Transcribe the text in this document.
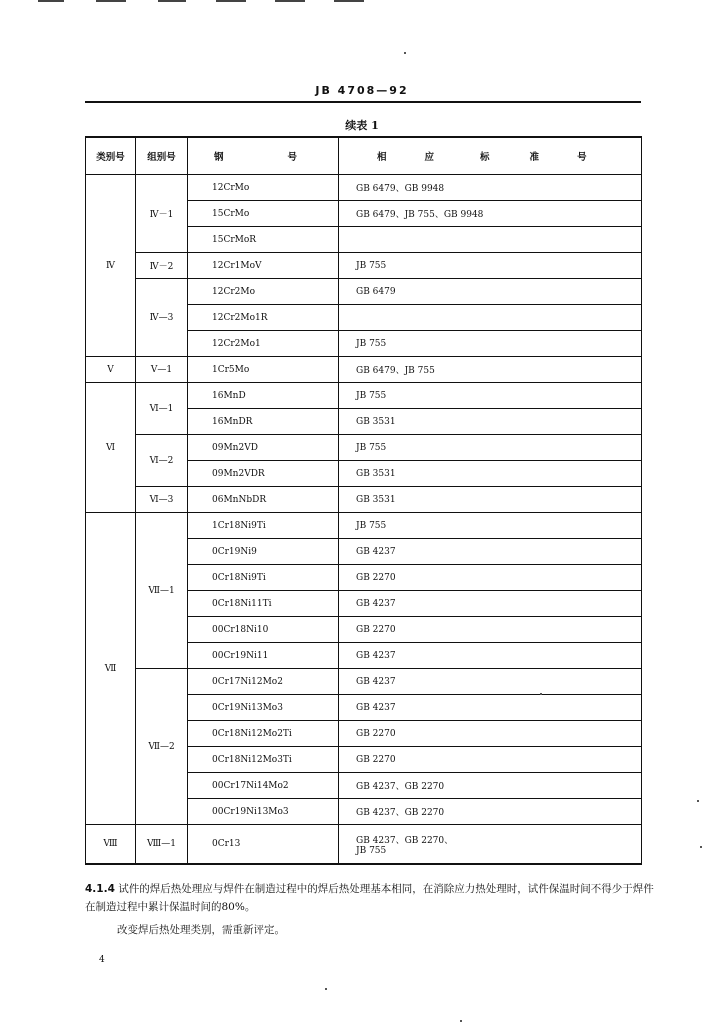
JB 4708—92
续表 1
类别号	组别号	钢 号	相 应 标 准 号
Ⅳ	Ⅳ－1	12CrMo	GB 6479、GB 9948
		15CrMo	GB 6479、JB 755、GB 9948
		15CrMoR	
	Ⅳ－2	12Cr1MoV	JB 755
	Ⅳ—3	12Cr2Mo	GB 6479
		12Cr2Mo1R	
		12Cr2Mo1	JB 755
Ⅴ	Ⅴ—1	1Cr5Mo	GB 6479、JB 755
Ⅵ	Ⅵ—1	16MnD	JB 755
		16MnDR	GB 3531
	Ⅵ—2	09Mn2VD	JB 755
		09Mn2VDR	GB 3531
	Ⅵ—3	06MnNbDR	GB 3531
Ⅶ	Ⅶ—1	1Cr18Ni9Ti	JB 755
		0Cr19Ni9	GB 4237
		0Cr18Ni9Ti	GB 2270
		0Cr18Ni11Ti	GB 4237
		00Cr18Ni10	GB 2270
		00Cr19Ni11	GB 4237
	Ⅶ—2	0Cr17Ni12Mo2	GB 4237
		0Cr19Ni13Mo3	GB 4237
		0Cr18Ni12Mo2Ti	GB 2270
		0Cr18Ni12Mo3Ti	GB 2270
		00Cr17Ni14Mo2	GB 4237、GB 2270
		00Cr19Ni13Mo3	GB 4237、GB 2270
Ⅷ	Ⅷ—1	0Cr13	GB 4237、GB 2270、
JB 755
4.1.4 试件的焊后热处理应与焊件在制造过程中的焊后热处理基本相同，在消除应力热处理时，试件保温时间不得少于焊件在制造过程中累计保温时间的80%。
改变焊后热处理类别，需重新评定。
4
